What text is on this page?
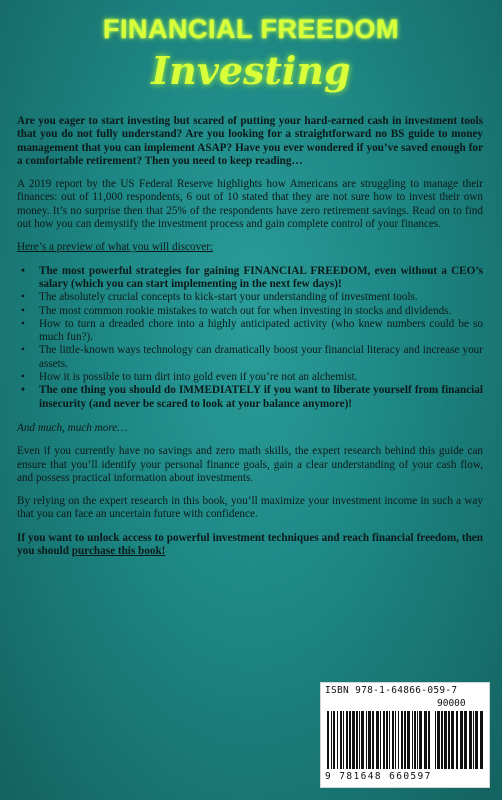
FINANCIAL FREEDOM
Investing

Are you eager to start investing but scared of putting your hard-earned cash in investment tools that you do not fully understand? Are you looking for a straightforward no BS guide to money management that you can implement ASAP? Have you ever wondered if you’ve saved enough for a comfortable retirement? Then you need to keep reading…

A 2019 report by the US Federal Reserve highlights how Americans are struggling to manage their finances: out of 11,000 respondents, 6 out of 10 stated that they are not sure how to invest their own money. It’s no surprise then that 25% of the respondents have zero retirement savings. Read on to find out how you can demystify the investment process and gain complete control of your finances.

Here’s a preview of what you will discover:

• The most powerful strategies for gaining FINANCIAL FREEDOM, even without a CEO’s salary (which you can start implementing in the next few days)!
• The absolutely crucial concepts to kick-start your understanding of investment tools.
• The most common rookie mistakes to watch out for when investing in stocks and dividends.
• How to turn a dreaded chore into a highly anticipated activity (who knew numbers could be so much fun?).
• The little-known ways technology can dramatically boost your financial literacy and increase your assets.
• How it is possible to turn dirt into gold even if you’re not an alchemist.
• The one thing you should do IMMEDIATELY if you want to liberate yourself from financial insecurity (and never be scared to look at your balance anymore)!

And much, much more…

Even if you currently have no savings and zero math skills, the expert research behind this guide can ensure that you’ll identify your personal finance goals, gain a clear understanding of your cash flow, and possess practical information about investments.

By relying on the expert research in this book, you’ll maximize your investment income in such a way that you can face an uncertain future with confidence.

If you want to unlock access to powerful investment techniques and reach financial freedom, then you should purchase this book!

ISBN 978-1-64866-059-7
90000
9 781648 660597
